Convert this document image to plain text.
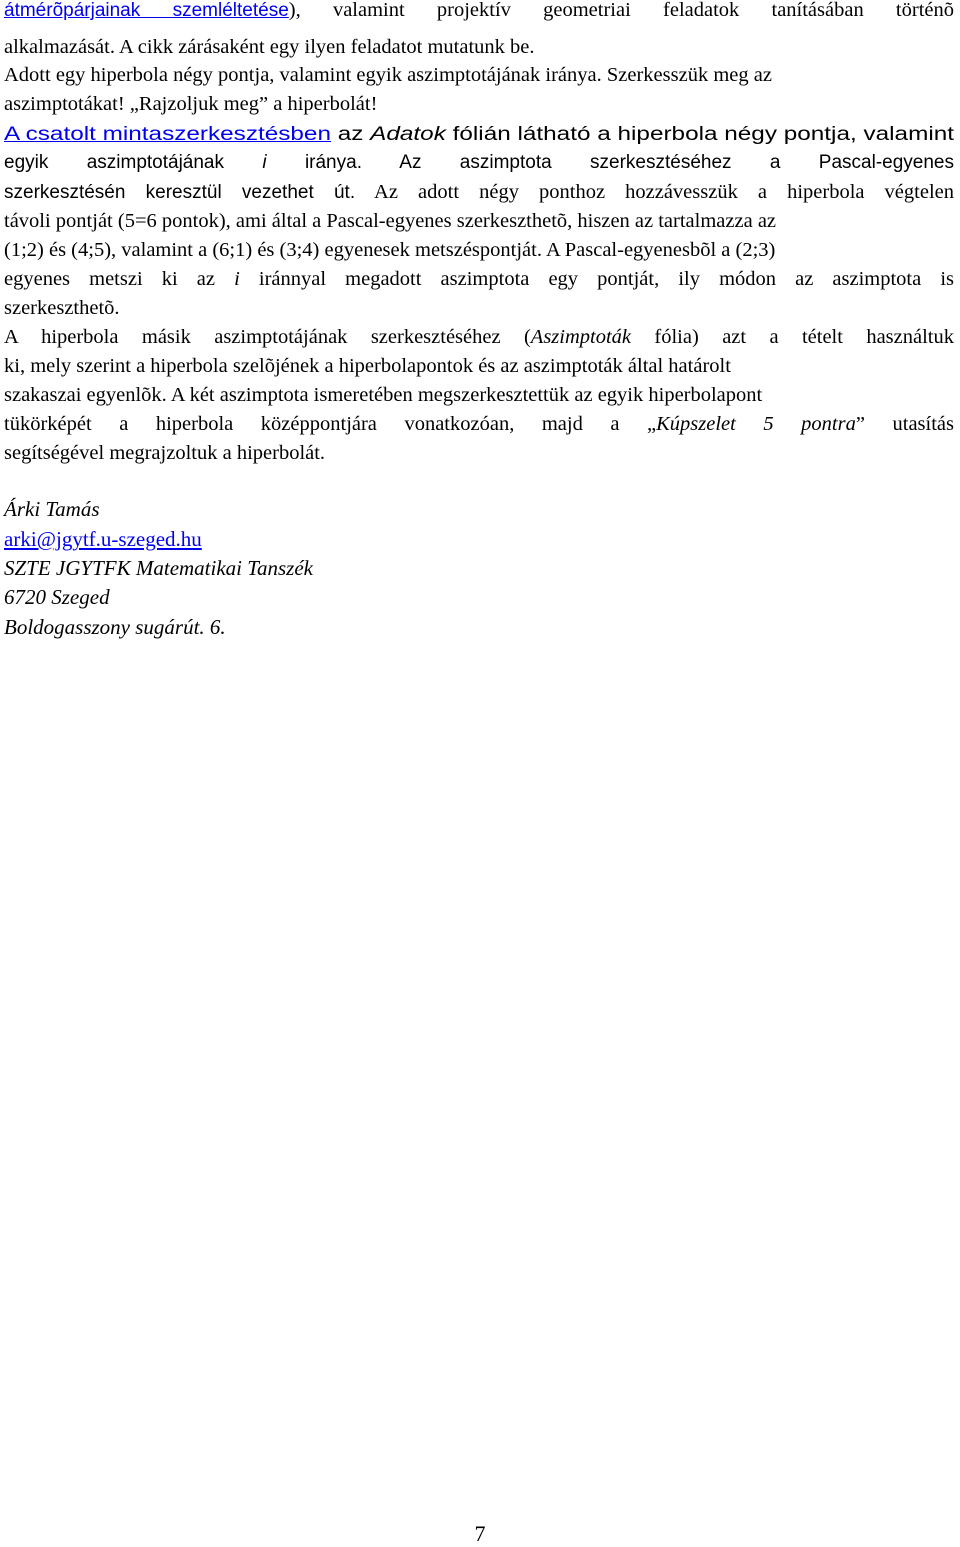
átmérõpárjainak szemléltetése), valamint projektív geometriai feladatok tanításában történõ
alkalmazását. A cikk zárásaként egy ilyen feladatot mutatunk be.
Adott egy hiperbola négy pontja, valamint egyik aszimptotájának iránya. Szerkesszük meg az
aszimptotákat! „Rajzoljuk meg” a hiperbolát!
A csatolt mintaszerkesztésben az Adatok fólián látható a hiperbola négy pontja, valamint
egyik aszimptotájának i iránya. Az aszimptota szerkesztéséhez a Pascal-egyenes
szerkesztésén keresztül vezethet út. Az adott négy ponthoz hozzávesszük a hiperbola végtelen
távoli pontját (5=6 pontok), ami által a Pascal-egyenes szerkeszthetõ, hiszen az tartalmazza az
(1;2) és (4;5), valamint a (6;1) és (3;4) egyenesek metszéspontját. A Pascal-egyenesbõl a (2;3)
egyenes metszi ki az i iránnyal megadott aszimptota egy pontját, ily módon az aszimptota is
szerkeszthetõ.
A hiperbola másik aszimptotájának szerkesztéséhez (Aszimptoták fólia) azt a tételt használtuk
ki, mely szerint a hiperbola szelõjének a hiperbolapontok és az aszimptoták által határolt
szakaszai egyenlõk. A két aszimptota ismeretében megszerkesztettük az egyik hiperbolapont
tükörképét a hiperbola középpontjára vonatkozóan, majd a „Kúpszelet 5 pontra” utasítás
segítségével megrajzoltuk a hiperbolát.
Árki Tamás
arki@jgytf.u-szeged.hu
SZTE JGYTFK Matematikai Tanszék
6720 Szeged
Boldogasszony sugárút. 6.
7
